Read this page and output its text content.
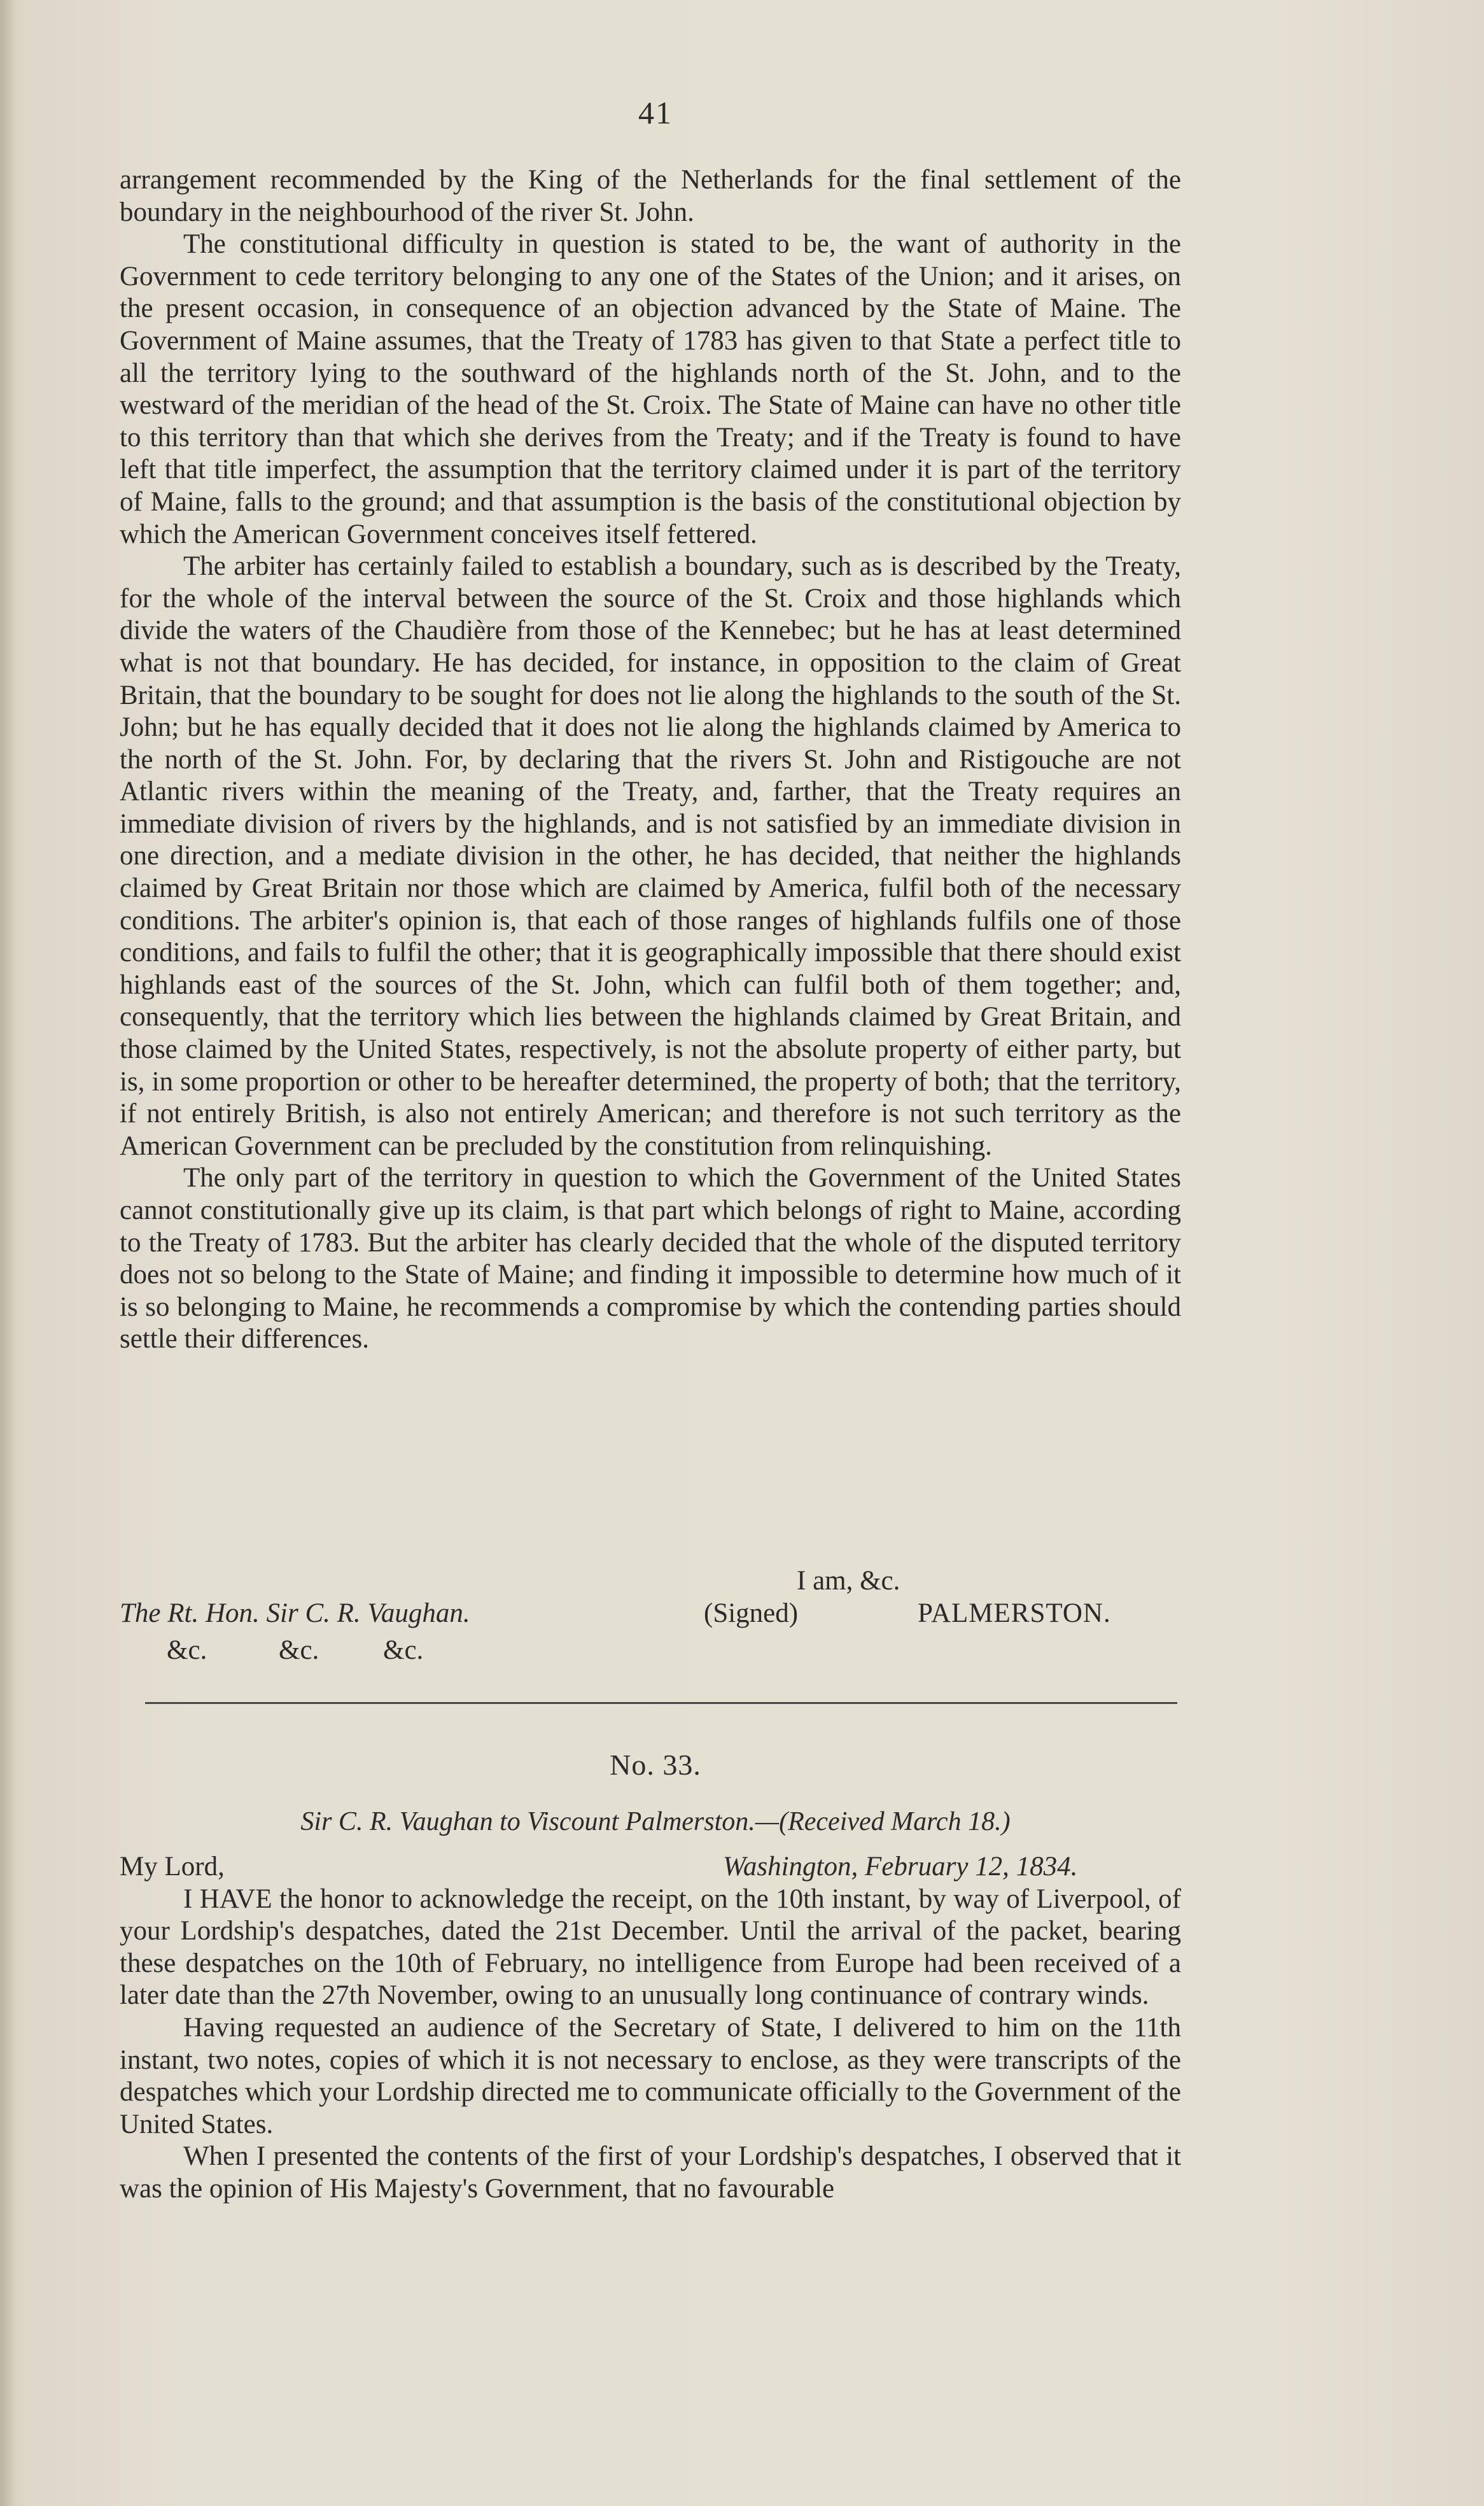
41

arrangement recommended by the King of the Netherlands for the final settlement of the boundary in the neighbourhood of the river St. John.

The constitutional difficulty in question is stated to be, the want of authority in the Government to cede territory belonging to any one of the States of the Union; and it arises, on the present occasion, in consequence of an objection advanced by the State of Maine. The Government of Maine assumes, that the Treaty of 1783 has given to that State a perfect title to all the territory lying to the southward of the highlands north of the St. John, and to the westward of the meridian of the head of the St. Croix. The State of Maine can have no other title to this territory than that which she derives from the Treaty; and if the Treaty is found to have left that title imperfect, the assumption that the territory claimed under it is part of the territory of Maine, falls to the ground; and that assumption is the basis of the constitutional objection by which the American Government conceives itself fettered.

The arbiter has certainly failed to establish a boundary, such as is described by the Treaty, for the whole of the interval between the source of the St. Croix and those highlands which divide the waters of the Chaudière from those of the Kennebec; but he has at least determined what is not that boundary. He has decided, for instance, in opposition to the claim of Great Britain, that the boundary to be sought for does not lie along the highlands to the south of the St. John; but he has equally decided that it does not lie along the highlands claimed by America to the north of the St. John. For, by declaring that the rivers St. John and Ristigouche are not Atlantic rivers within the meaning of the Treaty, and, farther, that the Treaty requires an immediate division of rivers by the highlands, and is not satisfied by an immediate division in one direction, and a mediate division in the other, he has decided, that neither the highlands claimed by Great Britain nor those which are claimed by America, fulfil both of the necessary conditions. The arbiter's opinion is, that each of those ranges of highlands fulfils one of those conditions, and fails to fulfil the other; that it is geographically impossible that there should exist highlands east of the sources of the St. John, which can fulfil both of them together; and, consequently, that the territory which lies between the highlands claimed by Great Britain, and those claimed by the United States, respectively, is not the absolute property of either party, but is, in some proportion or other to be hereafter determined, the property of both; that the territory, if not entirely British, is also not entirely American; and therefore is not such territory as the American Government can be precluded by the constitution from relinquishing.

The only part of the territory in question to which the Government of the United States cannot constitutionally give up its claim, is that part which belongs of right to Maine, according to the Treaty of 1783. But the arbiter has clearly decided that the whole of the disputed territory does not so belong to the State of Maine; and finding it impossible to determine how much of it is so belonging to Maine, he recommends a compromise by which the contending parties should settle their differences.

I am, &c.
The Rt. Hon. Sir C. R. Vaughan.	(Signed)	PALMERSTON.
&c.	&c. &c.
No. 33.
Sir C. R. Vaughan to Viscount Palmerston.—(Received March 18.)
My Lord,	Washington, February 12, 1834.

I HAVE the honor to acknowledge the receipt, on the 10th instant, by way of Liverpool, of your Lordship's despatches, dated the 21st December. Until the arrival of the packet, bearing these despatches on the 10th of February, no intelligence from Europe had been received of a later date than the 27th November, owing to an unusually long continuance of contrary winds.

Having requested an audience of the Secretary of State, I delivered to him on the 11th instant, two notes, copies of which it is not necessary to enclose, as they were transcripts of the despatches which your Lordship directed me to communicate officially to the Government of the United States.

When I presented the contents of the first of your Lordship's despatches, I observed that it was the opinion of His Majesty's Government, that no favourable
